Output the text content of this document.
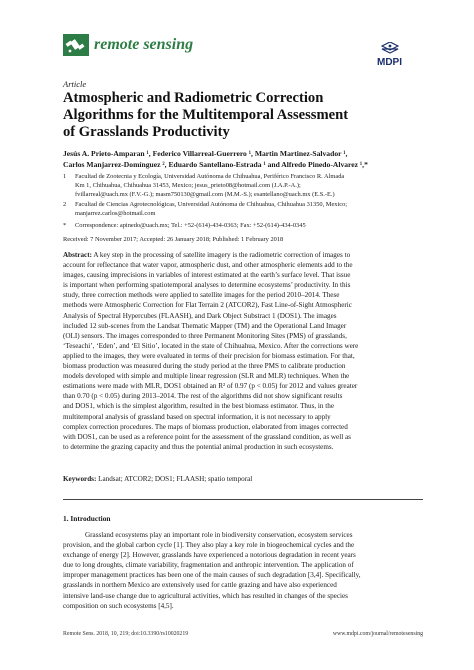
remote sensing
MDPI
Article
Atmospheric and Radiometric Correction
Algorithms for the Multitemporal Assessment
of Grasslands Productivity
Jesús A. Prieto-Amparan ¹, Federico Villarreal-Guerrero ¹, Martin Martinez-Salvador ¹,
Carlos Manjarrez-Domínguez ², Eduardo Santellano-Estrada ¹ and Alfredo Pinedo-Alvarez ¹,*
1 Facultad de Zootecnia y Ecología, Universidad Autónoma de Chihuahua, Periférico Francisco R. Almada
Km 1, Chihuahua, Chihuahua 31453, Mexico; jesus_prieto08@hotmail.com (J.A.P.-A.);
fvillarreal@uach.mx (F.V.-G.); masm750130@gmail.com (M.M.-S.); esantellano@uach.mx (E.S.-E.)
2 Facultad de Ciencias Agrotecnológicas, Universidad Autónoma de Chihuahua, Chihuahua 31350, Mexico;
manjarrez.carlos@hotmail.com
* Correspondence: apinedo@uach.mx; Tel.: +52-(614)-434-0363; Fax: +52-(614)-434-0345
Received: 7 November 2017; Accepted: 26 January 2018; Published: 1 February 2018
Abstract: A key step in the processing of satellite imagery is the radiometric correction of images to
account for reflectance that water vapor, atmospheric dust, and other atmospheric elements add to the
images, causing imprecisions in variables of interest estimated at the earth’s surface level. That issue
is important when performing spatiotemporal analyses to determine ecosystems’ productivity. In this
study, three correction methods were applied to satellite images for the period 2010–2014. These
methods were Atmospheric Correction for Flat Terrain 2 (ATCOR2), Fast Line-of-Sight Atmospheric
Analysis of Spectral Hypercubes (FLAASH), and Dark Object Substract 1 (DOS1). The images
included 12 sub-scenes from the Landsat Thematic Mapper (TM) and the Operational Land Imager
(OLI) sensors. The images corresponded to three Permanent Monitoring Sites (PMS) of grasslands,
‘Teseachi’, ‘Eden’, and ‘El Sitio’, located in the state of Chihuahua, Mexico. After the corrections were
applied to the images, they were evaluated in terms of their precision for biomass estimation. For that,
biomass production was measured during the study period at the three PMS to calibrate production
models developed with simple and multiple linear regression (SLR and MLR) techniques. When the
estimations were made with MLR, DOS1 obtained an R² of 0.97 (p < 0.05) for 2012 and values greater
than 0.70 (p < 0.05) during 2013–2014. The rest of the algorithms did not show significant results
and DOS1, which is the simplest algorithm, resulted in the best biomass estimator. Thus, in the
multitemporal analysis of grassland based on spectral information, it is not necessary to apply
complex correction procedures. The maps of biomass production, elaborated from images corrected
with DOS1, can be used as a reference point for the assessment of the grassland condition, as well as
to determine the grazing capacity and thus the potential animal production in such ecosystems.
Keywords: Landsat; ATCOR2; DOS1; FLAASH; spatio temporal
1. Introduction
Grassland ecosystems play an important role in biodiversity conservation, ecosystem services
provision, and the global carbon cycle [1]. They also play a key role in biogeochemical cycles and the
exchange of energy [2]. However, grasslands have experienced a notorious degradation in recent years
due to long droughts, climate variability, fragmentation and anthropic intervention. The application of
improper management practices has been one of the main causes of such degradation [3,4]. Specifically,
grasslands in northern Mexico are extensively used for cattle grazing and have also experienced
intensive land-use change due to agricultural activities, which has resulted in changes of the species
composition on such ecosystems [4,5].
Remote Sens. 2018, 10, 219; doi:10.3390/rs10020219	www.mdpi.com/journal/remotesensing
